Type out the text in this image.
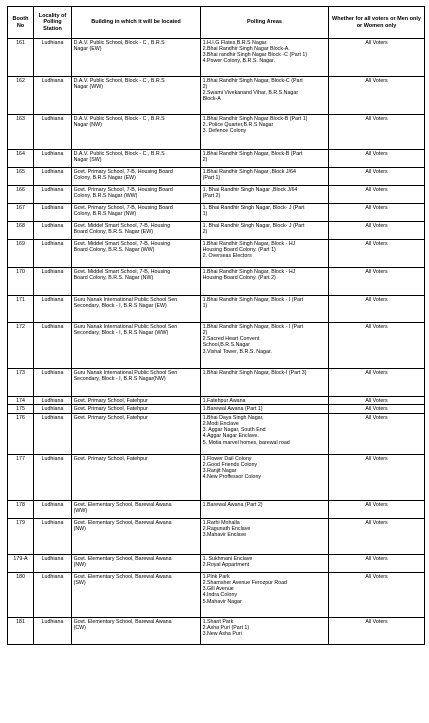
Booth No	Locality of Polling Station	Building in which it will be located	Polling Areas	Whether for all voters or Men only or Women only
161	Ludhiana	D.A.V. Public School, Block - C , B.R.S
Nagar (EW)	1.H.I.G Flates,B.R.S Nagar.
2.Bhai Randhir Singh Nagar Block-A.
3.Bhai randhir Singh Nagar Block -C (Part 1)
4.Power Colony, B.R.S. Nagar.	All Voters
162	Ludhiana	D.A.V. Public School, Block - C , B.R.S
Nagar (WW)	1.Bhai Randhir Singh Nagar, Block-C (Part
2)
2.Swami Vivekanand Vihar, B.R.S.Nagar
Block-A	All Voters
163	Ludhiana	D.A.V. Public School, Block - C , B.R.S
Nagar (NW)	1.Bhai Randhir Singh Nagar Block-B (Part 1)
2..Police Quarter,B.R.S Nagar
3. Defence Colony	All Voters
164	Ludhiana	D.A.V. Public School, Block - C , B.R.S
Nagar (SW)	1.Bhai Randhir Singh Nagar, Block-B (Part
2)	All Voters
165	Ludhiana	Govt. Primary School, 7-B, Housing Board
Colony, B.R.S Nagar (EW)	1.Bhai Randhir Singh Nagar ,Block J/64
(Part 1)	All Voters
166	Ludhiana	Govt. Primary School, 7-B, Housing Board
Colony, B.R.S Nagar (WW)	1. Bhai Randhir Singh Nagar ,Block J/64
(Part 2)	All Voters
167	Ludhiana	Govt. Primary School, 7-B, Housing Board
Colony, B.R.S Nagar (NW)	1. Bhai Randhir Singh Nagar, Block- J (Part
1)	All Voters
168	Ludhiana	Govt. Middel Smart School, 7-B, Housing
Board Colony, B.R.S. Nagar (EW)	1. Bhai Randhir Singh Nagar, Block- J (Part
2)	All Voters
169	Ludhiana	Govt. Middel Smart School, 7-B, Housing
Board Colony, B.R.S. Nagar (WW)	1.Bhai Randhir Singh Nagar, Block - HJ
Housing Board Colony. (Part 1)
2. Overseas Electors	All Voters
170	Ludhiana	Govt. Middel Smart School, 7-B, Housing
Board Colony, B.R.S. Nagar (NW)	1.Bhai Randhir Singh Nagar, Block - HJ
Housing Board Colony. (Part 2)	All Voters
171	Ludhiana	Guru Nanak International Public School Sen
Secondary, Block - I, B.R.S Nagar (EW)	1.Bhai Randhir Singh Nagar, Block - I (Part
1)	All Voters
172	Ludhiana	Guru Nanak International Public School Sen
Secondary, Block - I, B.R.S Nagar (WW)	1.Bhai Randhir Singh Nagar, Block - I (Part
2)
2.Sacred Heart Convent
School,B.R.S.Nagar
3.Vishal Tower, B.R.S. Nagar.	All Voters
173	Ludhiana	Guru Nanak International Public School Sen
Secondary, Block - I, B.R.S Nagar(NW)	1.Bhai Randhir Singh Nagar, Block-I (Part 3)	All Voters
174	Ludhiana	Govt. Primary School, Fatehpur	1.Fatehpur Awana	All Voters
175	Ludhiana	Govt. Primary School, Fatehpur	1.Barewal Awana (Part 1)	All Voters
176	Ludhiana	Govt. Primary School, Fatehpur	1.Bhai Daya Singh Nagar,
2.Modi Enclave
3. Aggar Nagar, South End
4.Aggar Nagar Enclave.
5. Motia marvel homes, barewal road	All Voters
177	Ludhiana	Govt. Primary School, Fatehpur	1.Flower Dail Colony
2.Good Friends Colony
3.Ranjit Nagar
4.New Proffessor Colony	All Voters
178	Ludhiana	Govt. Elementary School, Barewal Awana
(WW)	1.Barewal Awana (Part 2)	All Voters
179	Ludhiana	Govt. Elementary School, Barewal Awana
(NW)	1.Rarhi Mohalla
2.Ragunath Enclave
3.Mahavir Enclave	All Voters
179-A	Ludhiana	Govt. Elementary School, Barewal Awana
(NW)	1. Sukhmani Enclave
2.Royal Appartment	All Voters
180	Ludhiana	Govt. Elementary School, Barewal Awana
(SW)	1.Pink Park
2.Shamsher Avenue Ferozpur Road
3.Gill Avenue
4.Indra Colony
5.Mahavir Nagar	All Voters
181	Ludhiana	Govt. Elementary School, Barewal Awana
(CW)	1.Shant Park
2.Asha Puri (Part 1)
3.New Asha Puri	All Voters
